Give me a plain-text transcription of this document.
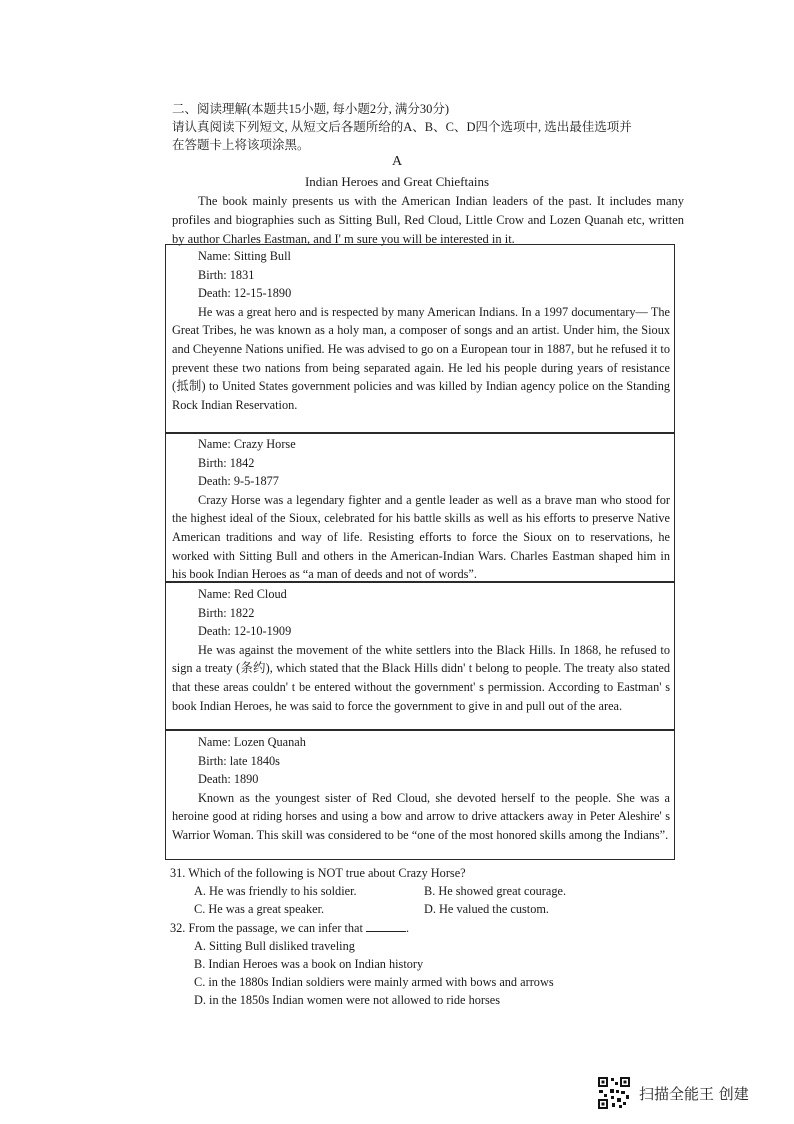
二、阅读理解(本题共15小题, 每小题2分, 满分30分)
请认真阅读下列短文, 从短文后各题所给的A、B、C、D四个选项中, 选出最佳选项并
在答题卡上将该项涂黑。
A
Indian Heroes and Great Chieftains
The book mainly presents us with the American Indian leaders of the past. It includes many profiles and biographies such as Sitting Bull, Red Cloud, Little Crow and Lozen Quanah etc, written by author Charles Eastman, and I' m sure you will be interested in it.
Name: Sitting Bull
Birth: 1831
Death: 12-15-1890
He was a great hero and is respected by many American Indians. In a 1997 documentary— The Great Tribes, he was known as a holy man, a composer of songs and an artist. Under him, the Sioux and Cheyenne Nations unified. He was advised to go on a European tour in 1887, but he refused it to prevent these two nations from being separated again. He led his people during years of resistance (抵制) to United States government policies and was killed by Indian agency police on the Standing Rock Indian Reservation.
Name: Crazy Horse
Birth: 1842
Death: 9-5-1877
Crazy Horse was a legendary fighter and a gentle leader as well as a brave man who stood for the highest ideal of the Sioux, celebrated for his battle skills as well as his efforts to preserve Native American traditions and way of life. Resisting efforts to force the Sioux on to reservations, he worked with Sitting Bull and others in the American-Indian Wars. Charles Eastman shaped him in his book Indian Heroes as “a man of deeds and not of words”.
Name: Red Cloud
Birth: 1822
Death: 12-10-1909
He was against the movement of the white settlers into the Black Hills. In 1868, he refused to sign a treaty (条约), which stated that the Black Hills didn' t belong to people. The treaty also stated that these areas couldn' t be entered without the government' s permission. According to Eastman' s book Indian Heroes, he was said to force the government to give in and pull out of the area.
Name: Lozen Quanah
Birth: late 1840s
Death: 1890
Known as the youngest sister of Red Cloud, she devoted herself to the people. She was a heroine good at riding horses and using a bow and arrow to drive attackers away in Peter Aleshire' s Warrior Woman. This skill was considered to be “one of the most honored skills among the Indians”.
31. Which of the following is NOT true about Crazy Horse?
A. He was friendly to his soldier.	B. He showed great courage.
C. He was a great speaker.	D. He valued the custom.
32. From the passage, we can infer that	.
A. Sitting Bull disliked traveling
B. Indian Heroes was a book on Indian history
C. in the 1880s Indian soldiers were mainly armed with bows and arrows
D. in the 1850s Indian women were not allowed to ride horses
扫描全能王 创建
